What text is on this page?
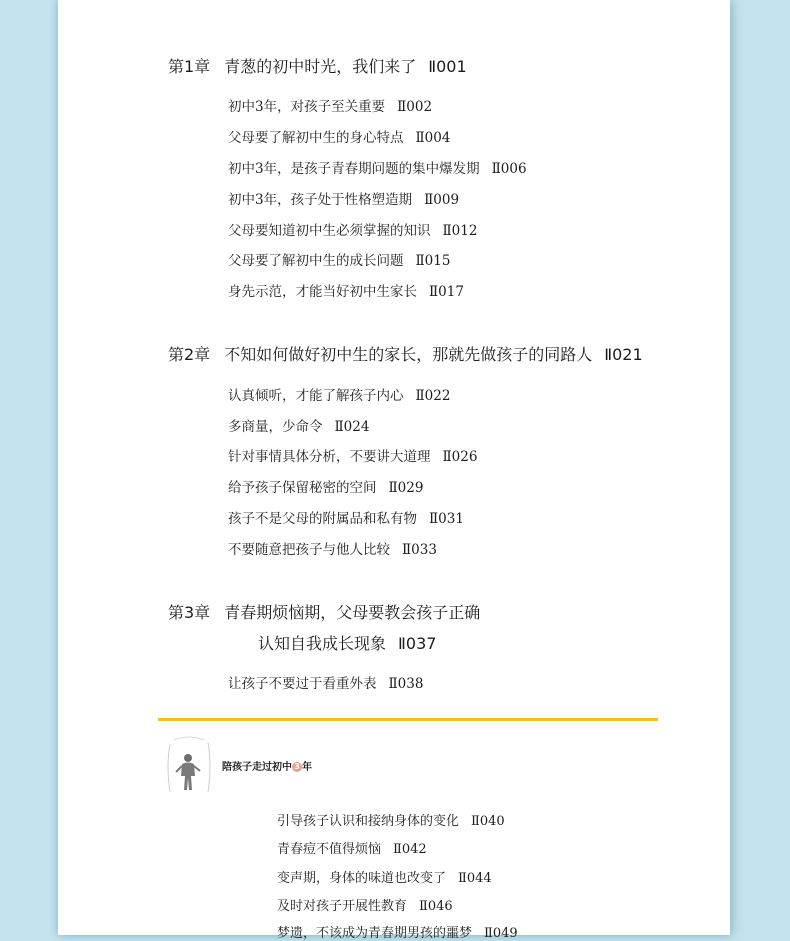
第1章 青葱的初中时光，我们来了 Ⅱ001
初中3年，对孩子至关重要 Ⅱ002
父母要了解初中生的身心特点 Ⅱ004
初中3年，是孩子青春期问题的集中爆发期 Ⅱ006
初中3年，孩子处于性格塑造期 Ⅱ009
父母要知道初中生必须掌握的知识 Ⅱ012
父母要了解初中生的成长问题 Ⅱ015
身先示范，才能当好初中生家长 Ⅱ017
第2章 不知如何做好初中生的家长，那就先做孩子的同路人 Ⅱ021
认真倾听，才能了解孩子内心 Ⅱ022
多商量，少命令 Ⅱ024
针对事情具体分析，不要讲大道理 Ⅱ026
给予孩子保留秘密的空间 Ⅱ029
孩子不是父母的附属品和私有物 Ⅱ031
不要随意把孩子与他人比较 Ⅱ033
第3章 青春期烦恼期，父母要教会孩子正确
认知自我成长现象 Ⅱ037
让孩子不要过于看重外表 Ⅱ038
陪孩子走过初中 3 年
引导孩子认识和接纳身体的变化 Ⅱ040
青春痘不值得烦恼 Ⅱ042
变声期，身体的味道也改变了 Ⅱ044
及时对孩子开展性教育 Ⅱ046
梦遗，不该成为青春期男孩的噩梦 Ⅱ049
